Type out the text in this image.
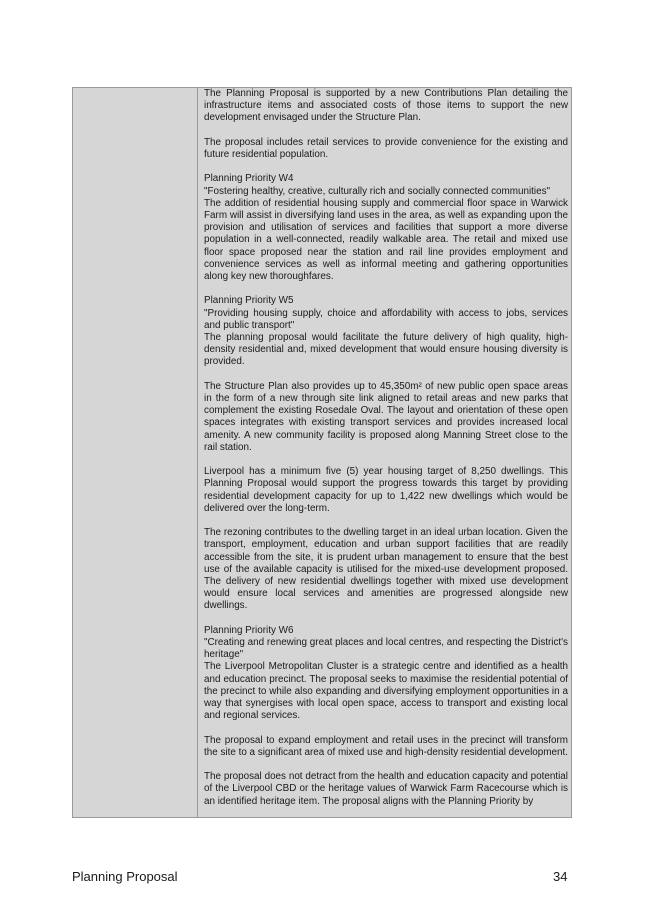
The Planning Proposal is supported by a new Contributions Plan detailing the infrastructure items and associated costs of those items to support the new development envisaged under the Structure Plan.

The proposal includes retail services to provide convenience for the existing and future residential population.

Planning Priority W4
"Fostering healthy, creative, culturally rich and socially connected communities"
The addition of residential housing supply and commercial floor space in Warwick Farm will assist in diversifying land uses in the area, as well as expanding upon the provision and utilisation of services and facilities that support a more diverse population in a well-connected, readily walkable area. The retail and mixed use floor space proposed near the station and rail line provides employment and convenience services as well as informal meeting and gathering opportunities along key new thoroughfares.

Planning Priority W5
"Providing housing supply, choice and affordability with access to jobs, services and public transport"
The planning proposal would facilitate the future delivery of high quality, high-density residential and, mixed development that would ensure housing diversity is provided.

The Structure Plan also provides up to 45,350m² of new public open space areas in the form of a new through site link aligned to retail areas and new parks that complement the existing Rosedale Oval. The layout and orientation of these open spaces integrates with existing transport services and provides increased local amenity. A new community facility is proposed along Manning Street close to the rail station.

Liverpool has a minimum five (5) year housing target of 8,250 dwellings. This Planning Proposal would support the progress towards this target by providing residential development capacity for up to 1,422 new dwellings which would be delivered over the long-term.

The rezoning contributes to the dwelling target in an ideal urban location. Given the transport, employment, education and urban support facilities that are readily accessible from the site, it is prudent urban management to ensure that the best use of the available capacity is utilised for the mixed-use development proposed. The delivery of new residential dwellings together with mixed use development would ensure local services and amenities are progressed alongside new dwellings.

Planning Priority W6
"Creating and renewing great places and local centres, and respecting the District's heritage"
The Liverpool Metropolitan Cluster is a strategic centre and identified as a health and education precinct. The proposal seeks to maximise the residential potential of the precinct to while also expanding and diversifying employment opportunities in a way that synergises with local open space, access to transport and existing local and regional services.

The proposal to expand employment and retail uses in the precinct will transform the site to a significant area of mixed use and high-density residential development.

The proposal does not detract from the health and education capacity and potential of the Liverpool CBD or the heritage values of Warwick Farm Racecourse which is an identified heritage item. The proposal aligns with the Planning Priority by

Planning Proposal	34
